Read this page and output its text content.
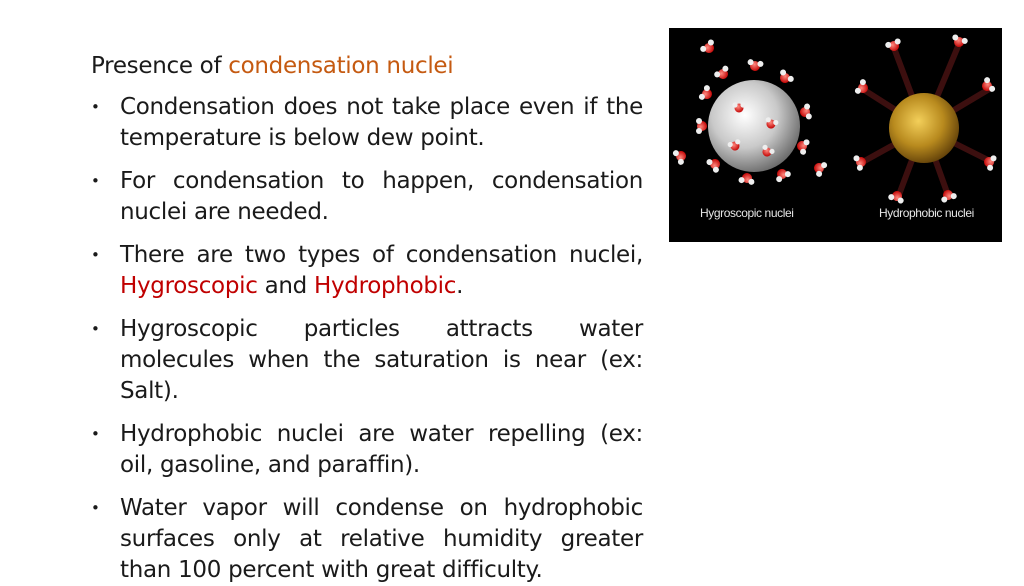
Presence of condensation nuclei
• Condensation does not take place even if the temperature is below dew point.
• For condensation to happen, condensation nuclei are needed.
• There are two types of condensation nuclei, Hygroscopic and Hydrophobic.
• Hygroscopic particles attracts water molecules when the saturation is near (ex: Salt).
• Hydrophobic nuclei are water repelling (ex: oil, gasoline, and paraffin).
• Water vapor will condense on hydrophobic surfaces only at relative humidity greater than 100 percent with great difficulty.
Hygroscopic nuclei	Hydrophobic nuclei
